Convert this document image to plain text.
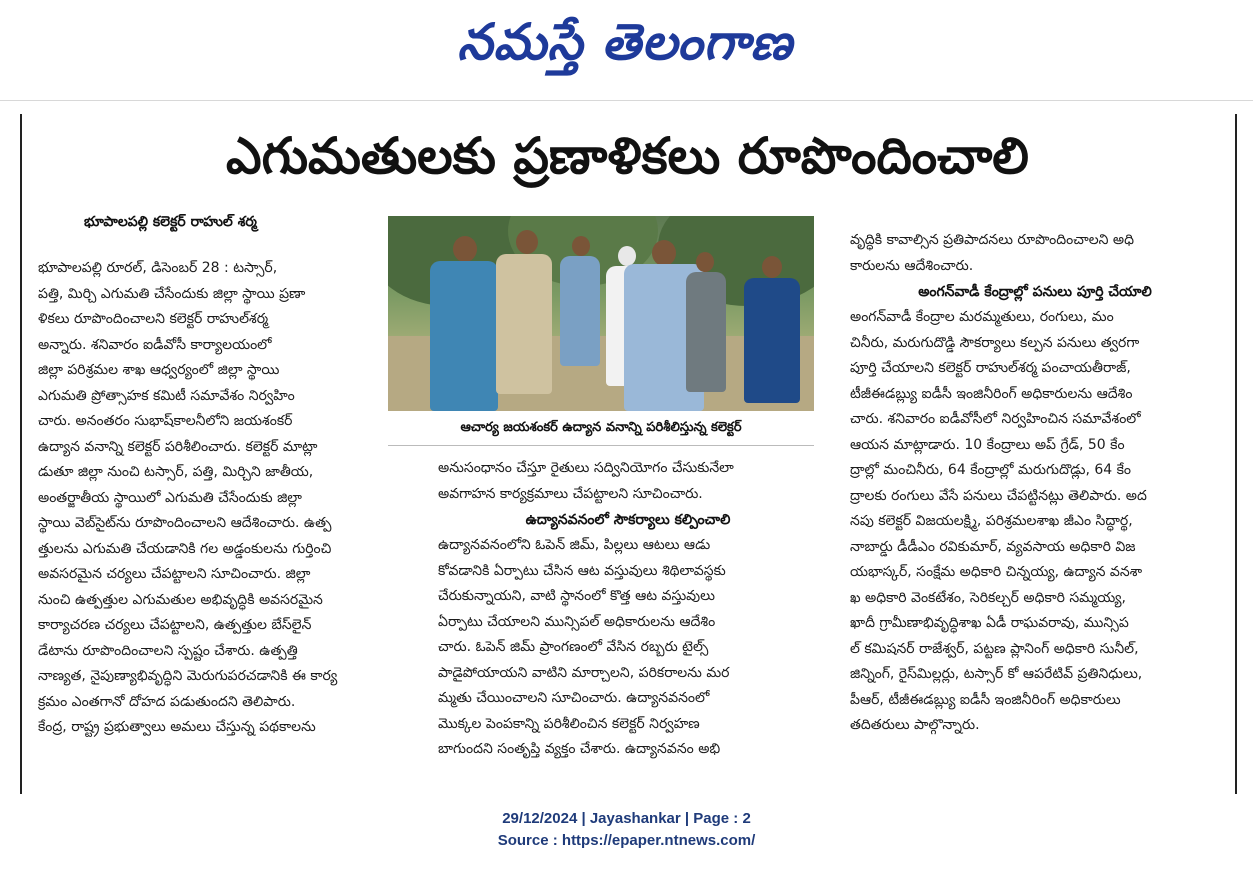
నమస్తే తెలంగాణ
ఎగుమతులకు ప్రణాళికలు రూపొందించాలి
భూపాలపల్లి కలెక్టర్ రాహుల్ శర్మ

భూపాలపల్లి రూరల్, డిసెంబర్ 28 : టస్సార్,

పత్తి, మిర్చి ఎగుమతి చేసేందుకు జిల్లా స్థాయి ప్రణా

ళికలు రూపొందించాలని కలెక్టర్ రాహుల్‌శర్మ

అన్నారు. శనివారం ఐడీవోసీ కార్యాలయంలో

జిల్లా పరిశ్రమల శాఖ ఆధ్వర్యంలో జిల్లా స్థాయి

ఎగుమతి ప్రోత్సాహక కమిటీ సమావేశం నిర్వహిం

చారు. అనంతరం సుభాష్‌కాలనీలోని జయశంకర్

ఉద్యాన వనాన్ని కలెక్టర్ పరిశీలించారు. కలెక్టర్ మాట్లా

డుతూ జిల్లా నుంచి టస్సార్, పత్తి, మిర్చిని జాతీయ,

అంతర్జాతీయ స్థాయిలో ఎగుమతి చేసేందుకు జిల్లా

స్థాయి వెబ్‌సైట్‌ను రూపొందించాలని ఆదేశించారు. ఉత్ప

త్తులను ఎగుమతి చేయడానికి గల అడ్డంకులను గుర్తించి

అవసరమైన చర్యలు చేపట్టాలని సూచించారు. జిల్లా

నుంచి ఉత్పత్తుల ఎగుమతుల అభివృద్ధికి అవసరమైన

కార్యాచరణ చర్యలు చేపట్టాలని, ఉత్పత్తుల బేస్‌లైన్

డేటాను రూపొందించాలని స్పష్టం చేశారు. ఉత్పత్తి

నాణ్యత, నైపుణ్యాభివృద్ధిని మెరుగుపరచడానికి ఈ కార్య

క్రమం ఎంతగానో దోహద పడుతుందని తెలిపారు.

కేంద్ర, రాష్ట్ర ప్రభుత్వాలు అమలు చేస్తున్న పథకాలను

ఆచార్య జయశంకర్ ఉద్యాన వనాన్ని పరిశీలిస్తున్న కలెక్టర్

అనుసంధానం చేస్తూ రైతులు సద్వినియోగం చేసుకునేలా

అవగాహన కార్యక్రమాలు చేపట్టాలని సూచించారు.

ఉద్యానవనంలో సౌకర్యాలు కల్పించాలి

ఉద్యానవనంలోని ఓపెన్ జిమ్, పిల్లలు ఆటలు ఆడు

కోవడానికి ఏర్పాటు చేసిన ఆట వస్తువులు శిథిలావస్థకు

చేరుకున్నాయని, వాటి స్థానంలో కొత్త ఆట వస్తువులు

ఏర్పాటు చేయాలని మున్సిపల్ అధికారులను ఆదేశిం

చారు. ఓపెన్ జిమ్ ప్రాంగణంలో వేసిన రబ్బరు టైల్స్

పాడైపోయాయని వాటిని మార్చాలని, పరికరాలను మర

మ్మతు చేయించాలని సూచించారు. ఉద్యానవనంలో

మొక్కల పెంపకాన్ని పరిశీలించిన కలెక్టర్ నిర్వహణ

బాగుందని సంతృప్తి వ్యక్తం చేశారు. ఉద్యానవనం అభి

వృద్ధికి కావాల్సిన ప్రతిపాదనలు రూపొందించాలని అధి

కారులను ఆదేశించారు.

అంగన్‌వాడీ కేంద్రాల్లో పనులు పూర్తి చేయాలి

అంగన్‌వాడీ కేంద్రాల మరమ్మతులు, రంగులు, మం

చినీరు, మరుగుదొడ్డి సౌకర్యాలు కల్పన పనులు త్వరగా

పూర్తి చేయాలని కలెక్టర్ రాహుల్‌శర్మ పంచాయతీరాజ్,

టీజీఈడబ్ల్యు ఐడీసీ ఇంజినీరింగ్ అధికారులను ఆదేశిం

చారు. శనివారం ఐడీవోసీలో నిర్వహించిన సమావేశంలో

ఆయన మాట్లాడారు. 10 కేంద్రాలు అప్ గ్రేడ్, 50 కేం

ద్రాల్లో మంచినీరు, 64 కేంద్రాల్లో మరుగుదొడ్లు, 64 కేం

ద్రాలకు రంగులు వేసే పనులు చేపట్టినట్లు తెలిపారు. అద

నపు కలెక్టర్ విజయలక్ష్మి, పరిశ్రమలశాఖ జీఎం సిద్ధార్థ,

నాబార్డు డీడీఎం రవికుమార్, వ్యవసాయ అధికారి విజ

యభాస్కర్, సంక్షేమ అధికారి చిన్నయ్య, ఉద్యాన వనశా

ఖ అధికారి వెంకటేశం, సెరికల్చర్ అధికారి సమ్మయ్య,

ఖాదీ గ్రామీణాభివృద్ధిశాఖ ఏడీ రాఘవరావు, మున్సిప

ల్ కమిషనర్ రాజేశ్వర్, పట్టణ ప్లానింగ్ అధికారి సునీల్,

జిన్నింగ్, రైస్‌మిల్లర్లు, టస్సార్ కో ఆపరేటివ్ ప్రతినిధులు,

పీఆర్, టీజీఈడబ్ల్యు ఐడీసీ ఇంజినీరింగ్ అధికారులు

తదితరులు పాల్గొన్నారు.

29/12/2024 | Jayashankar | Page : 2
Source : https://epaper.ntnews.com/
